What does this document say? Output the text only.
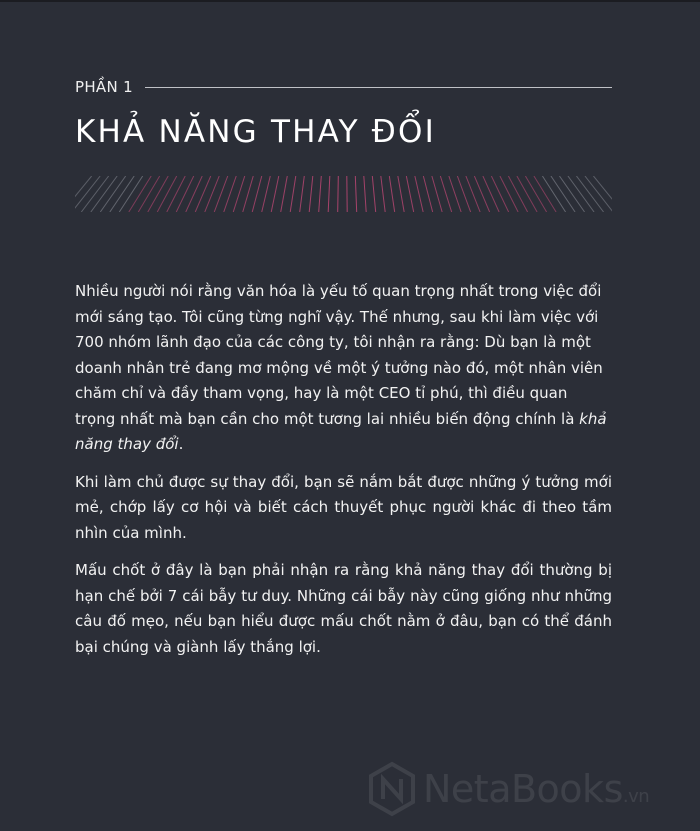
PHẦN 1
KHẢ NĂNG THAY ĐỔI

Nhiều người nói rằng văn hóa là yếu tố quan trọng nhất trong việc đổi mới sáng tạo. Tôi cũng từng nghĩ vậy. Thế nhưng, sau khi làm việc với 700 nhóm lãnh đạo của các công ty, tôi nhận ra rằng: Dù bạn là một doanh nhân trẻ đang mơ mộng về một ý tưởng nào đó, một nhân viên chăm chỉ và đầy tham vọng, hay là một CEO tỉ phú, thì điều quan trọng nhất mà bạn cần cho một tương lai nhiều biến động chính là khả năng thay đổi.

Khi làm chủ được sự thay đổi, bạn sẽ nắm bắt được những ý tưởng mới mẻ, chớp lấy cơ hội và biết cách thuyết phục người khác đi theo tầm nhìn của mình.

Mấu chốt ở đây là bạn phải nhận ra rằng khả năng thay đổi thường bị hạn chế bởi 7 cái bẫy tư duy. Những cái bẫy này cũng giống như những câu đố mẹo, nếu bạn hiểu được mấu chốt nằm ở đâu, bạn có thể đánh bại chúng và giành lấy thắng lợi.

NetaBooks.vn
